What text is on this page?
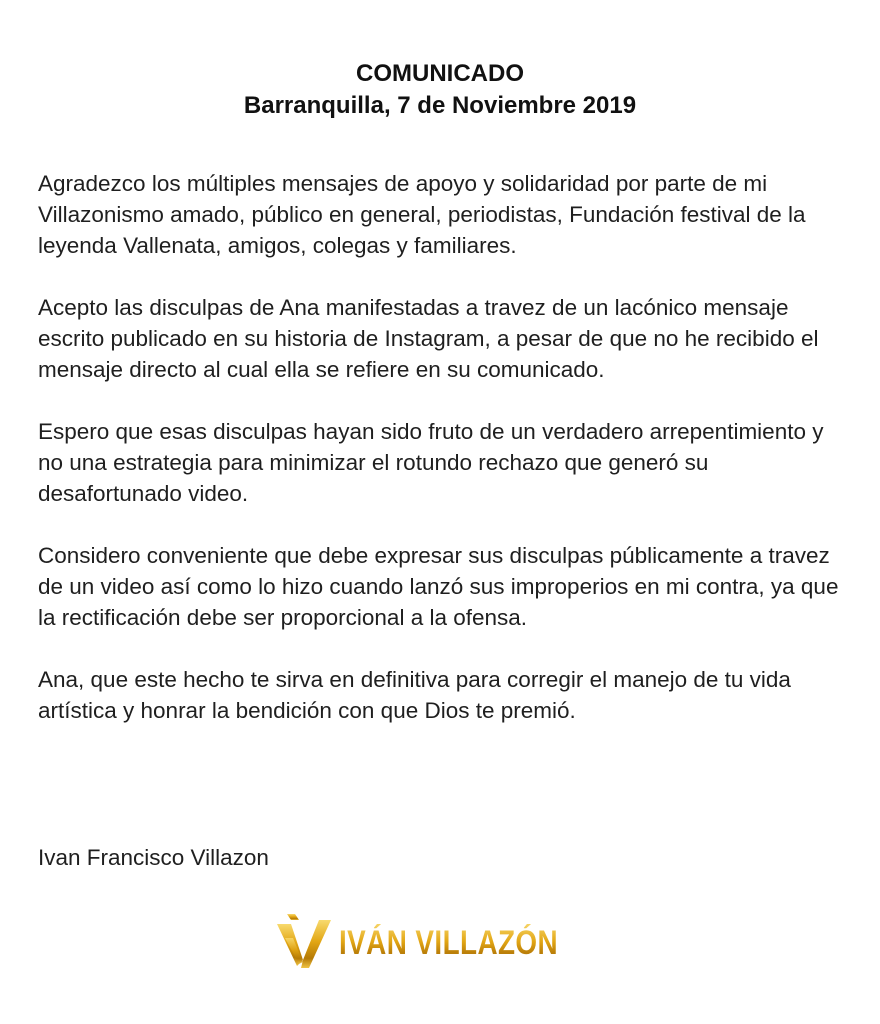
COMUNICADO
Barranquilla, 7 de Noviembre 2019

Agradezco los múltiples mensajes de apoyo y solidaridad por parte de mi Villazonismo amado, público en general, periodistas, Fundación festival de la leyenda Vallenata, amigos, colegas y familiares.

Acepto las disculpas de Ana manifestadas a travez de un lacónico mensaje escrito publicado en su historia de Instagram, a pesar de que no he recibido el mensaje directo al cual ella se refiere en su comunicado.

Espero que esas disculpas hayan sido fruto de un verdadero arrepentimiento y no una estrategia para minimizar el rotundo rechazo que generó su desafortunado video.

Considero conveniente que debe expresar sus disculpas públicamente a travez de un video así como lo hizo cuando lanzó sus improperios en mi contra, ya que la rectificación debe ser proporcional a la ofensa.

Ana, que este hecho te sirva en definitiva para corregir el manejo de tu vida artística y honrar la bendición con que Dios te premió.

Ivan Francisco Villazon
IVÁN VILLAZÓN
